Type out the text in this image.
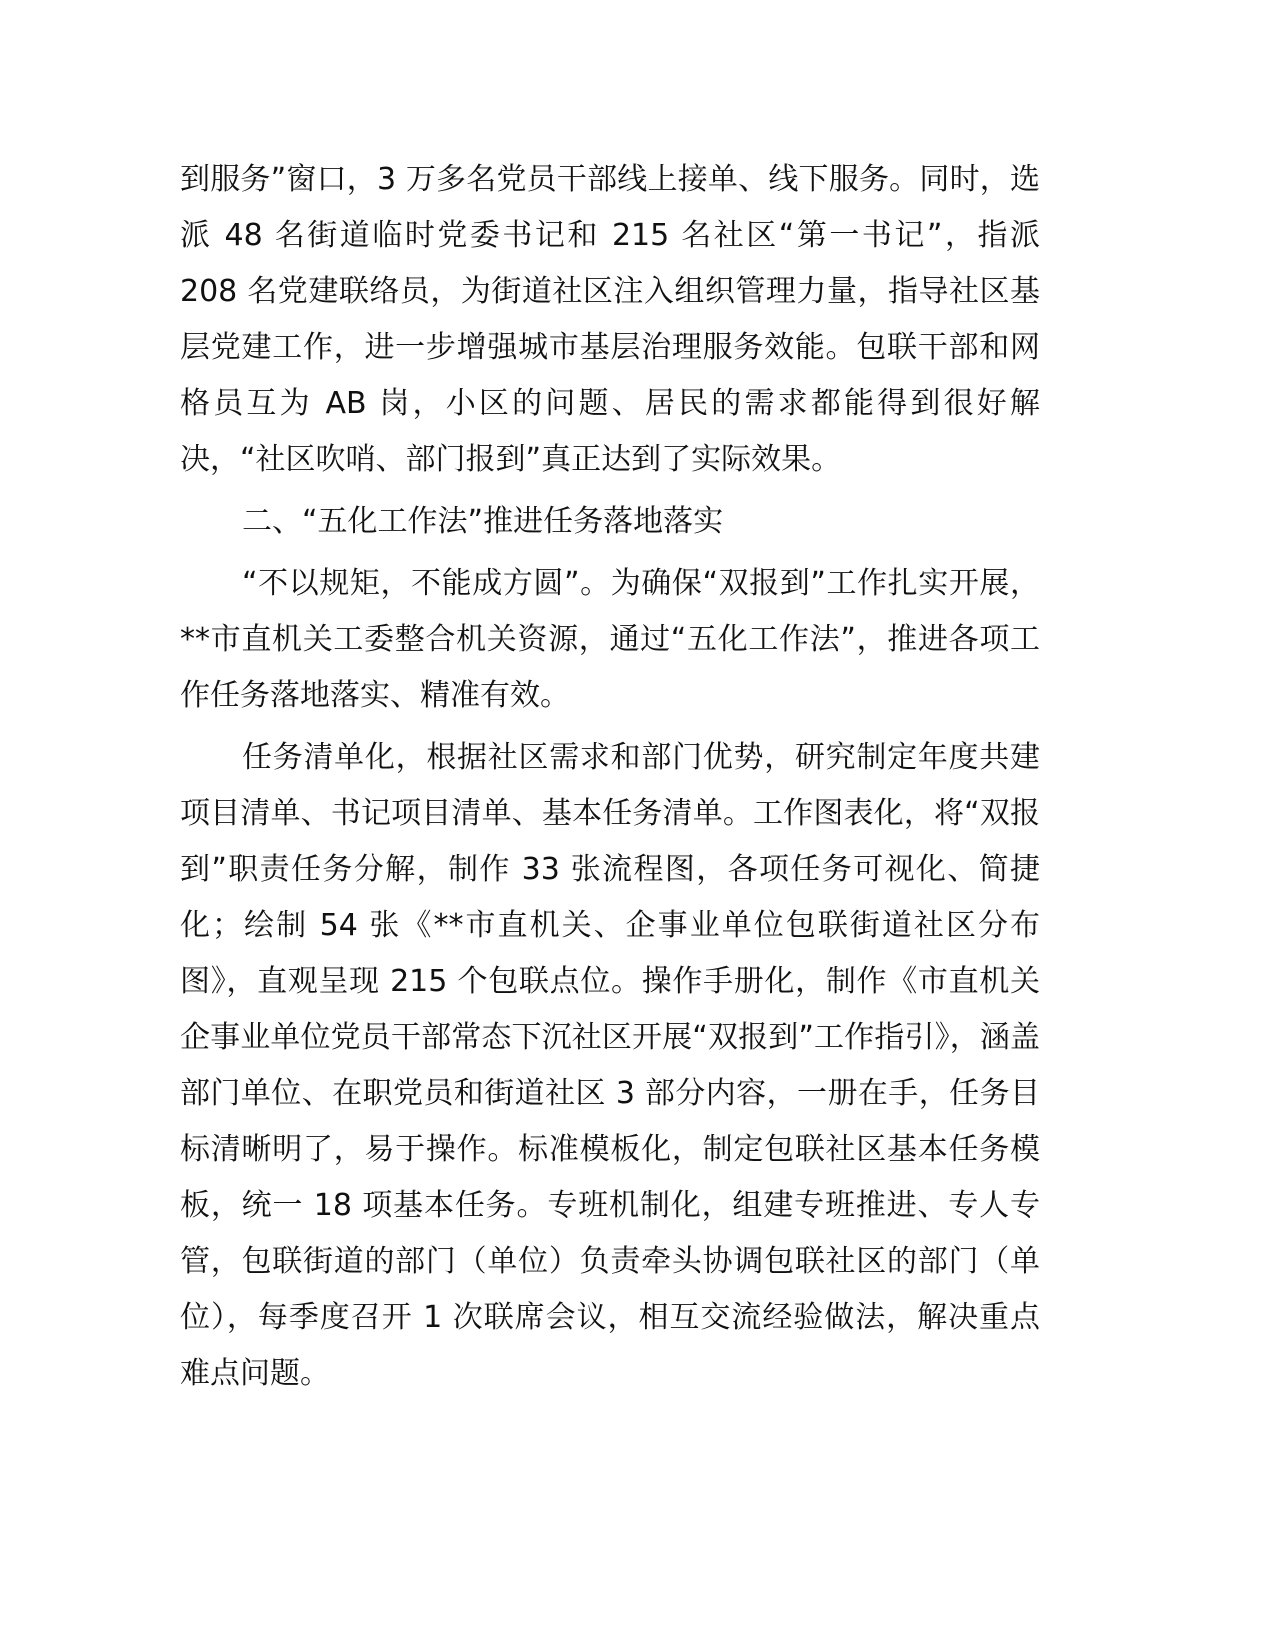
到服务”窗口，3 万多名党员干部线上接单、线下服务。同时，选派 48 名街道临时党委书记和 215 名社区“第一书记”，指派 208 名党建联络员，为街道社区注入组织管理力量，指导社区基层党建工作，进一步增强城市基层治理服务效能。包联干部和网格员互为 AB 岗，小区的问题、居民的需求都能得到很好解决，“社区吹哨、部门报到”真正达到了实际效果。

二、“五化工作法”推进任务落地落实

“不以规矩，不能成方圆”。为确保“双报到”工作扎实开展，**市直机关工委整合机关资源，通过“五化工作法”，推进各项工作任务落地落实、精准有效。

任务清单化，根据社区需求和部门优势，研究制定年度共建项目清单、书记项目清单、基本任务清单。工作图表化，将“双报到”职责任务分解，制作 33 张流程图，各项任务可视化、简捷化；绘制 54 张《**市直机关、企事业单位包联街道社区分布图》，直观呈现 215 个包联点位。操作手册化，制作《市直机关企事业单位党员干部常态下沉社区开展“双报到”工作指引》，涵盖部门单位、在职党员和街道社区 3 部分内容，一册在手，任务目标清晰明了，易于操作。标准模板化，制定包联社区基本任务模板，统一 18 项基本任务。专班机制化，组建专班推进、专人专管，包联街道的部门（单位）负责牵头协调包联社区的部门（单位），每季度召开 1 次联席会议，相互交流经验做法，解决重点难点问题。
